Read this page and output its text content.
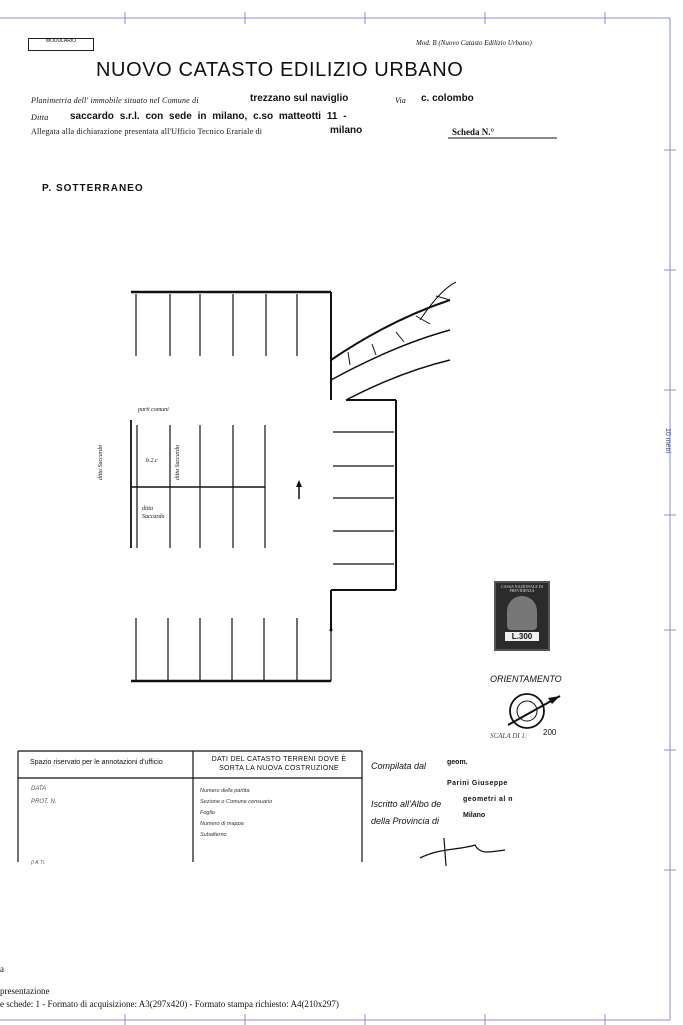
MODULARIO	Mod. B (Nuovo Catasto Edilizio Urbano)
NUOVO CATASTO EDILIZIO URBANO
Planimetria dell' immobile situato nel Comune di	trezzano sul naviglio	Via c. colombo
Ditta saccardo s.r.l. con sede in milano, c.so matteotti 11 -
Allegata alla dichiarazione presentata all'Ufficio Tecnico Erariale di	milano	Scheda N.°
P. SOTTERRANEO
parti comuni
ditta Saccardo	b.2.c	ditta Saccardo
ditta
Saccardo
CASSA NAZIONALE DI PREVIDENZA
L.300
ORIENTAMENTO
SCALA DI 1: 200
Spazio riservato per le annotazioni d'ufficio
DATA
PROT. N.
(i A.Ti.
DATI DEL CATASTO TERRENI DOVE È SORTA LA NUOVA COSTRUZIONE
Numero della partita
Sezione o Comune censuario
Foglio
Numero di mappa
Subalterno
Compilata dal	geom.
Parini Giuseppe
Iscritto all'Albo de	geometri al n
della Provincia di
Milano
10 metri
a
presentazione
e schede: 1 - Formato di acquisizione: A3(297x420) - Formato stampa richiesto: A4(210x297)
